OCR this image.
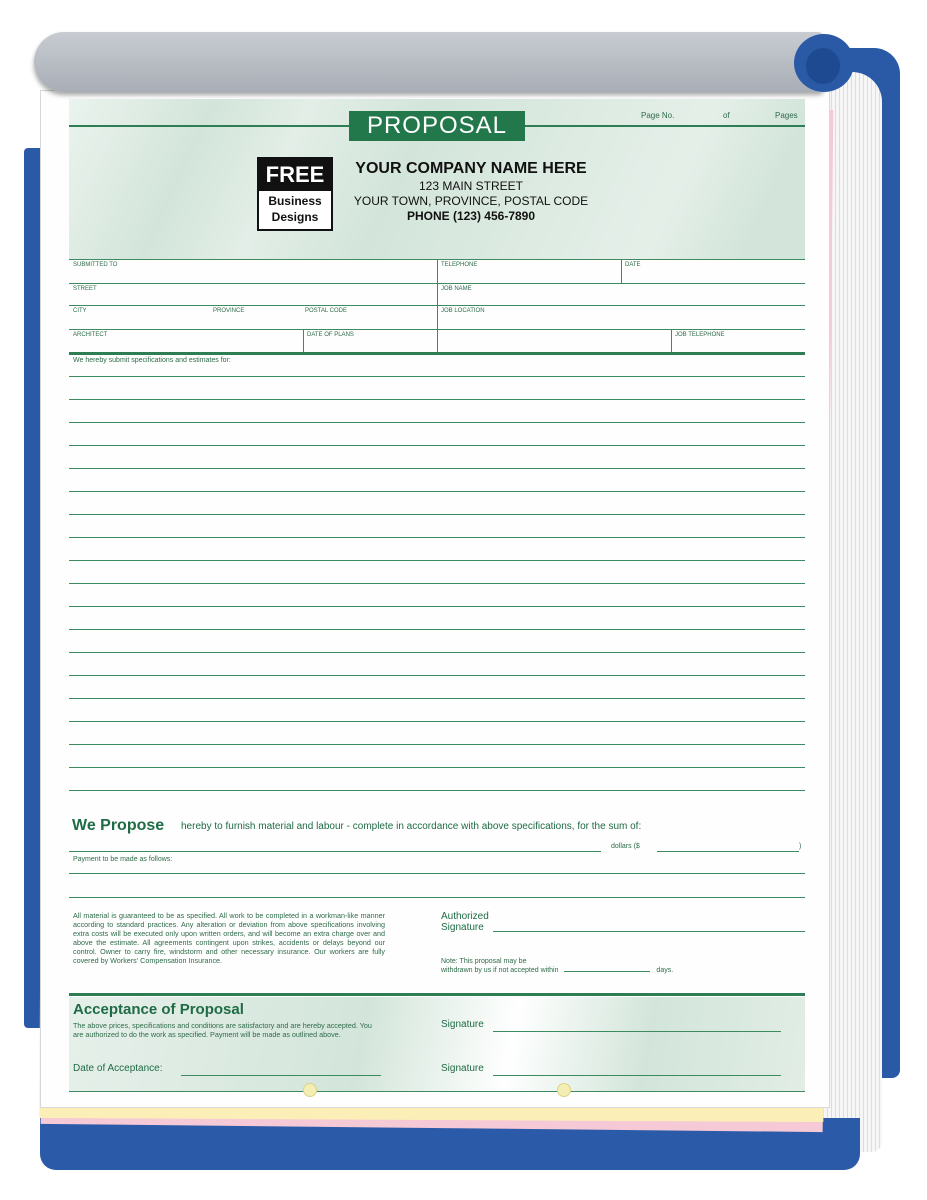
PROPOSAL	Page No.	of	Pages
FREE
Business
Designs
YOUR COMPANY NAME HERE
123 MAIN STREET
YOUR TOWN, PROVINCE, POSTAL CODE
PHONE (123) 456-7890
SUBMITTED TO	TELEPHONE	DATE
STREET	JOB NAME
CITY	PROVINCE	POSTAL CODE	JOB LOCATION
ARCHITECT	DATE OF PLANS	JOB TELEPHONE
We hereby submit specifications and estimates for:
We Propose hereby to furnish material and labour - complete in accordance with above specifications, for the sum of:
dollars ($	)
Payment to be made as follows:
All material is guaranteed to be as specified. All work to be completed in a workman-like manner according to standard practices. Any alteration or deviation from above specifications involving extra costs will be executed only upon written orders, and will become an extra charge over and above the estimate. All agreements contingent upon strikes, accidents or delays beyond our control. Owner to carry fire, windstorm and other necessary insurance. Our workers are fully covered by Workers' Compensation Insurance.
Authorized
Signature
Note: This proposal may be
withdrawn by us if not accepted within	days.
Acceptance of Proposal
The above prices, specifications and conditions are satisfactory and are hereby accepted. You are authorized to do the work as specified. Payment will be made as outlined above.
Signature
Signature
Date of Acceptance:
